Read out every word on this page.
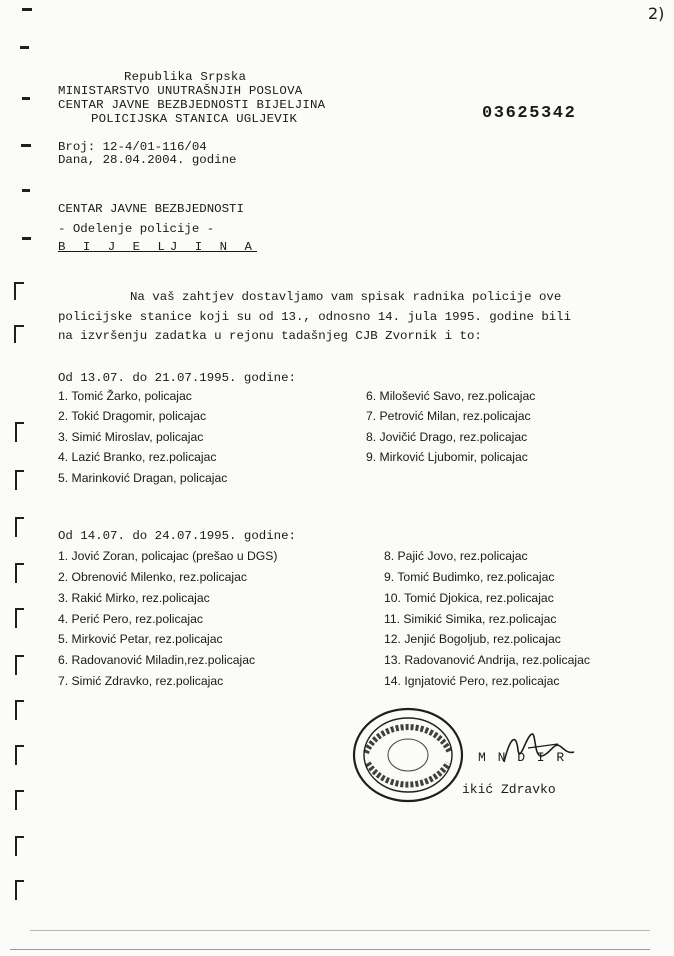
2)
Republika Srpska
MINISTARSTVO UNUTRAŠNJIH POSLOVA
CENTAR JAVNE BEZBJEDNOSTI BIJELJINA
POLICIJSKA STANICA UGLJEVIK	03625342
Broj: 12-4/01-116/04
Dana, 28.04.2004. godine
CENTAR JAVNE BEZBJEDNOSTI
- Odelenje policije -
B I J E LJ I N A
Na vaš zahtjev dostavljamo vam spisak radnika policije ove
policijske stanice koji su od 13., odnosno 14. jula 1995. godine bili
na izvršenju zadatka u rejonu tadašnjeg CJB Zvornik i to:
Od 13.07. do 21.07.1995. godine:
1. Tomić Žarko, policajac
2. Tokić Dragomir, policajac
3. Simić Miroslav, policajac
4. Lazić Branko, rez.policajac
5. Marinković Dragan, policajac
6. Milošević Savo, rez.policajac
7. Petrović Milan, rez.policajac
8. Jovičić Drago, rez.policajac
9. Mirković Ljubomir, policajac
Od 14.07. do 24.07.1995. godine:
1. Jović Zoran, policajac (prešao u DGS)
2. Obrenović Milenko, rez.policajac
3. Rakić Mirko, rez.policajac
4. Perić Pero, rez.policajac
5. Mirković Petar, rez.policajac
6. Radovanović Miladin,rez.policajac
7. Simić Zdravko, rez.policajac
8. Pajić Jovo, rez.policajac
9. Tomić Budimko, rez.policajac
10. Tomić Djokica, rez.policajac
11. Simikić Simika, rez.policajac
12. Jenjić Bogoljub, rez.policajac
13. Radovanović Andrija, rez.policajac
14. Ignjatović Pero, rez.policajac
M N D I R
ikić Zdravko
